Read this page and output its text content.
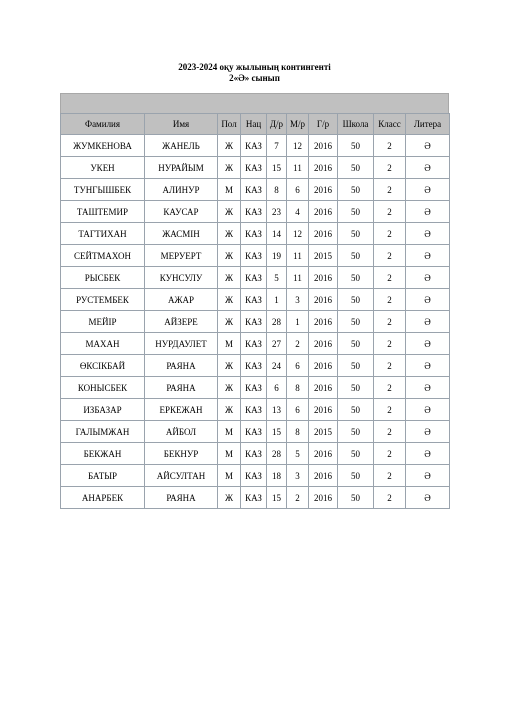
2023-2024 оқу жылының контингенті
2«Ә» сынып
Фамилия	Имя	Пол	Нац	Д/р	М/р	Г/р	Школа	Класс	Литера
ЖУМКЕНОВА	ЖАНЕЛЬ	Ж	КАЗ	7	12	2016	50	2	Ә
УКЕН	НУРАЙЫМ	Ж	КАЗ	15	11	2016	50	2	Ә
ТУНГЫШБЕК	АЛИНУР	М	КАЗ	8	6	2016	50	2	Ә
ТАШТЕМИР	КАУСАР	Ж	КАЗ	23	4	2016	50	2	Ә
ТАГТИХАН	ЖАСМІН	Ж	КАЗ	14	12	2016	50	2	Ә
СЕЙТМАХОН	МЕРУЕРТ	Ж	КАЗ	19	11	2015	50	2	Ә
РЫСБЕК	КУНСУЛУ	Ж	КАЗ	5	11	2016	50	2	Ә
РУСТЕМБЕК	АЖАР	Ж	КАЗ	1	3	2016	50	2	Ә
МЕЙІР	АЙЗЕРЕ	Ж	КАЗ	28	1	2016	50	2	Ә
МАХАН	НУРДАУЛЕТ	М	КАЗ	27	2	2016	50	2	Ә
ӨКСІКБАЙ	РАЯНА	Ж	КАЗ	24	6	2016	50	2	Ә
КОНЫСБЕК	РАЯНА	Ж	КАЗ	6	8	2016	50	2	Ә
ИЗБАЗАР	ЕРКЕЖАН	Ж	КАЗ	13	6	2016	50	2	Ә
ГАЛЫМЖАН	АЙБОЛ	М	КАЗ	15	8	2015	50	2	Ә
БЕКЖАН	БЕКНУР	М	КАЗ	28	5	2016	50	2	Ә
БАТЫР	АЙСУЛТАН	М	КАЗ	18	3	2016	50	2	Ә
АНАРБЕК	РАЯНА	Ж	КАЗ	15	2	2016	50	2	Ә
